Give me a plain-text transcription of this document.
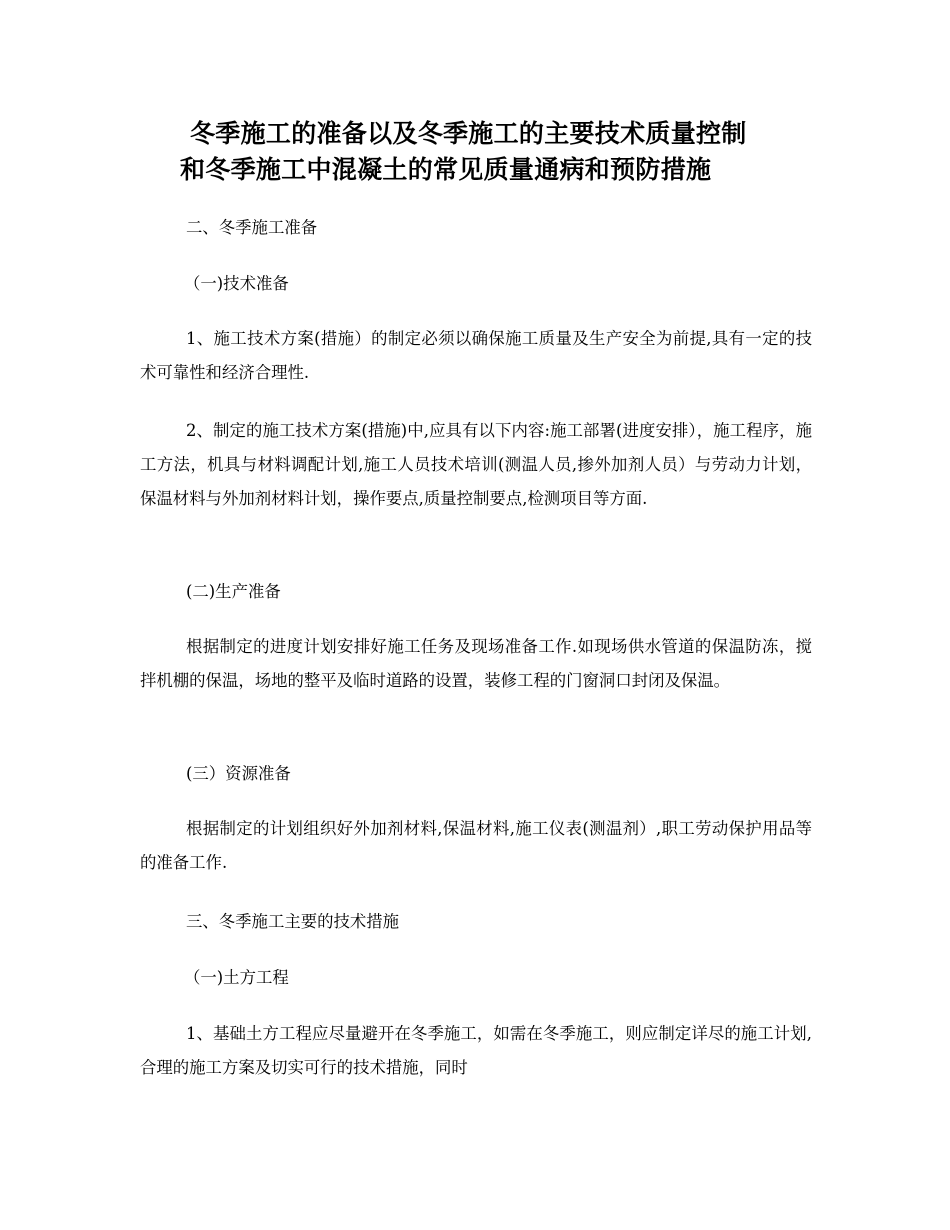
冬季施工的准备以及冬季施工的主要技术质量控制
和冬季施工中混凝土的常见质量通病和预防措施

二、冬季施工准备

（一)技术准备

1、施工技术方案(措施）的制定必须以确保施工质量及生产安全为前提,具有一定的技术可靠性和经济合理性.

2、制定的施工技术方案(措施)中,应具有以下内容:施工部署(进度安排），施工程序，施工方法，机具与材料调配计划,施工人员技术培训(测温人员,掺外加剂人员）与劳动力计划，保温材料与外加剂材料计划，操作要点,质量控制要点,检测项目等方面.

(二)生产准备

根据制定的进度计划安排好施工任务及现场准备工作.如现场供水管道的保温防冻，搅拌机棚的保温，场地的整平及临时道路的设置，装修工程的门窗洞口封闭及保温。

(三）资源准备

根据制定的计划组织好外加剂材料,保温材料,施工仪表(测温剂）,职工劳动保护用品等的准备工作.

三、冬季施工主要的技术措施

（一)土方工程

1、基础土方工程应尽量避开在冬季施工，如需在冬季施工，则应制定详尽的施工计划,合理的施工方案及切实可行的技术措施，同时
